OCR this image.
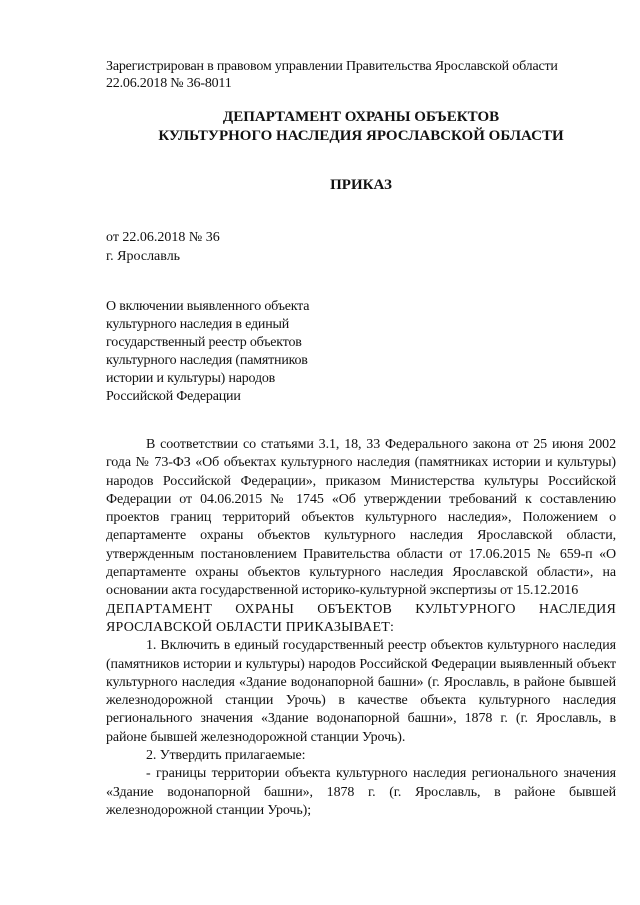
Зарегистрирован в правовом управлении Правительства Ярославской области
22.06.2018 № 36-8011
ДЕПАРТАМЕНТ ОХРАНЫ ОБЪЕКТОВ
КУЛЬТУРНОГО НАСЛЕДИЯ ЯРОСЛАВСКОЙ ОБЛАСТИ
ПРИКАЗ
от 22.06.2018 № 36
г. Ярославль
О включении выявленного объекта
культурного наследия в единый
государственный реестр объектов
культурного наследия (памятников
истории и культуры) народов
Российской Федерации

В соответствии со статьями 3.1, 18, 33 Федерального закона от 25 июня 2002 года № 73-ФЗ «Об объектах культурного наследия (памятниках истории и культуры) народов Российской Федерации», приказом Министерства культуры Российской Федерации от 04.06.2015 № 1745 «Об утверждении требований к составлению проектов границ территорий объектов культурного наследия», Положением о департаменте охраны объектов культурного наследия Ярославской области, утвержденным постановлением Правительства области от 17.06.2015 № 659-п «О департаменте охраны объектов культурного наследия Ярославской области», на основании акта государственной историко-культурной экспертизы от 15.12.2016

ДЕПАРТАМЕНТ ОХРАНЫ ОБЪЕКТОВ КУЛЬТУРНОГО НАСЛЕДИЯ ЯРОСЛАВСКОЙ ОБЛАСТИ ПРИКАЗЫВАЕТ:

1. Включить в единый государственный реестр объектов культурного наследия (памятников истории и культуры) народов Российской Федерации выявленный объект культурного наследия «Здание водонапорной башни» (г. Ярославль, в районе бывшей железнодорожной станции Урочь) в качестве объекта культурного наследия регионального значения «Здание водонапорной башни», 1878 г. (г. Ярославль, в районе бывшей железнодорожной станции Урочь).

2. Утвердить прилагаемые:

- границы территории объекта культурного наследия регионального значения «Здание водонапорной башни», 1878 г. (г. Ярославль, в районе бывшей железнодорожной станции Урочь);
